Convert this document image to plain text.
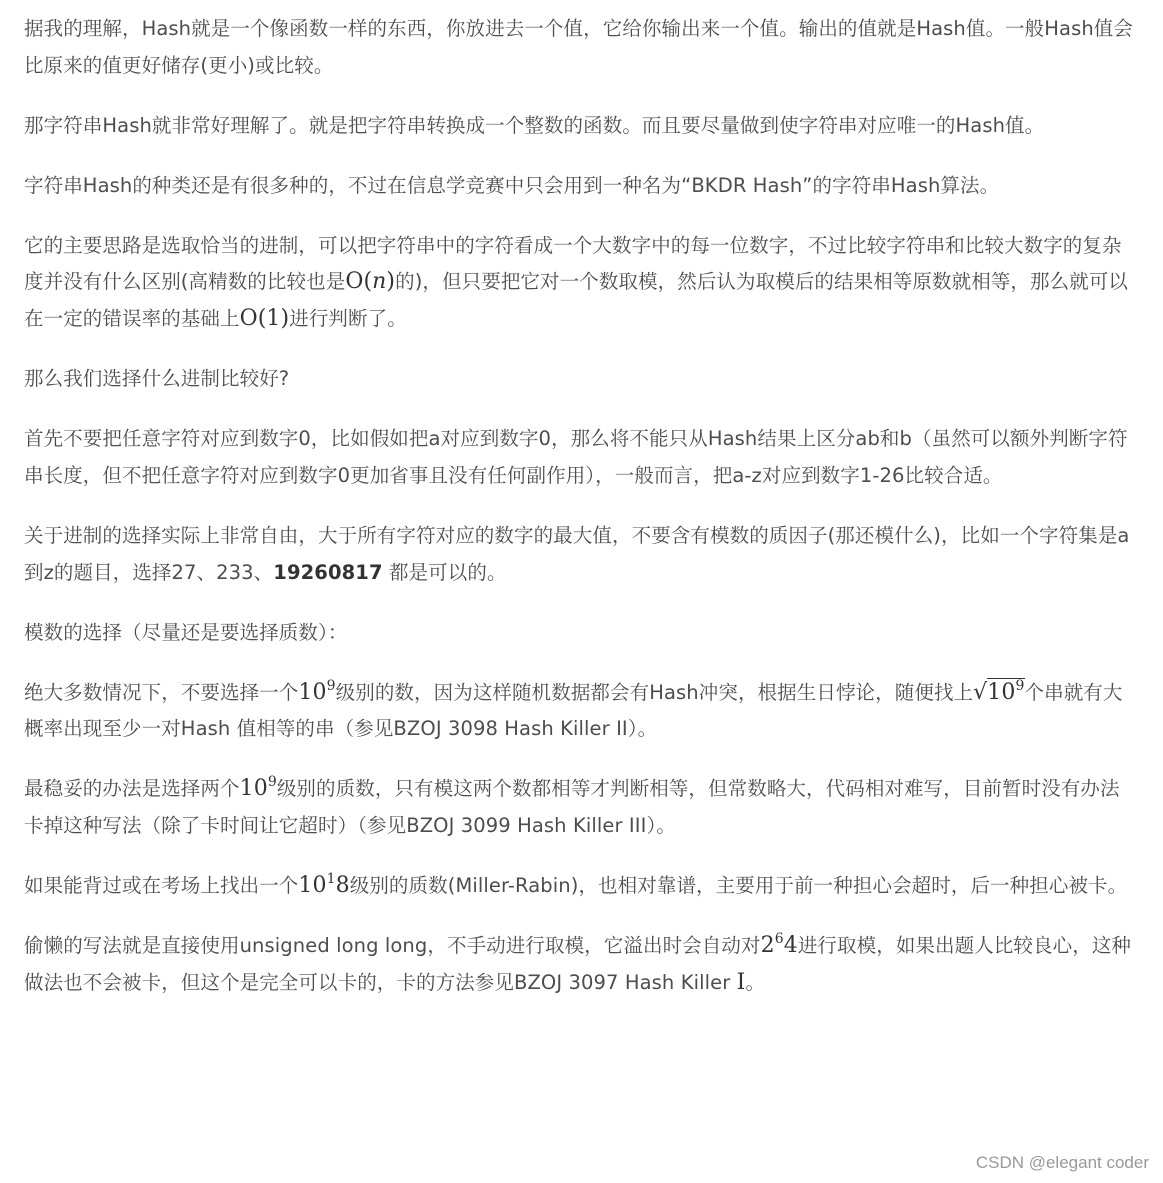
据我的理解，Hash就是一个像函数一样的东西，你放进去一个值，它给你输出来一个值。输出的值就是Hash值。一般Hash值会比原来的值更好储存(更小)或比较。

那字符串Hash就非常好理解了。就是把字符串转换成一个整数的函数。而且要尽量做到使字符串对应唯一的Hash值。

字符串Hash的种类还是有很多种的，不过在信息学竞赛中只会用到一种名为“BKDR Hash”的字符串Hash算法。

它的主要思路是选取恰当的进制，可以把字符串中的字符看成一个大数字中的每一位数字，不过比较字符串和比较大数字的复杂度并没有什么区别(高精数的比较也是O(n)的)，但只要把它对一个数取模，然后认为取模后的结果相等原数就相等，那么就可以在一定的错误率的基础上O(1)进行判断了。

那么我们选择什么进制比较好?

首先不要把任意字符对应到数字0，比如假如把a对应到数字0，那么将不能只从Hash结果上区分ab和b（虽然可以额外判断字符串长度，但不把任意字符对应到数字0更加省事且没有任何副作用），一般而言，把a-z对应到数字1-26比较合适。

关于进制的选择实际上非常自由，大于所有字符对应的数字的最大值，不要含有模数的质因子(那还模什么)，比如一个字符集是a到z的题目，选择27、233、19260817 都是可以的。

模数的选择（尽量还是要选择质数）：

绝大多数情况下，不要选择一个$10^9$级别的数，因为这样随机数据都会有Hash冲突，根据生日悖论，随便找上$√10^9$个串就有大概率出现至少一对Hash 值相等的串（参见BZOJ 3098 Hash Killer II）。

最稳妥的办法是选择两个$10^9$级别的质数，只有模这两个数都相等才判断相等，但常数略大，代码相对难写，目前暂时没有办法卡掉这种写法（除了卡时间让它超时）（参见BZOJ 3099 Hash Killer III）。

如果能背过或在考场上找出一个$10^18$级别的质数(Miller-Rabin)，也相对靠谱，主要用于前一种担心会超时，后一种担心被卡。

偷懒的写法就是直接使用unsigned long long，不手动进行取模，它溢出时会自动对$2^64$进行取模，如果出题人比较良心，这种做法也不会被卡，但这个是完全可以卡的，卡的方法参见BZOJ 3097 Hash Killer I。

CSDN @elegant coder
